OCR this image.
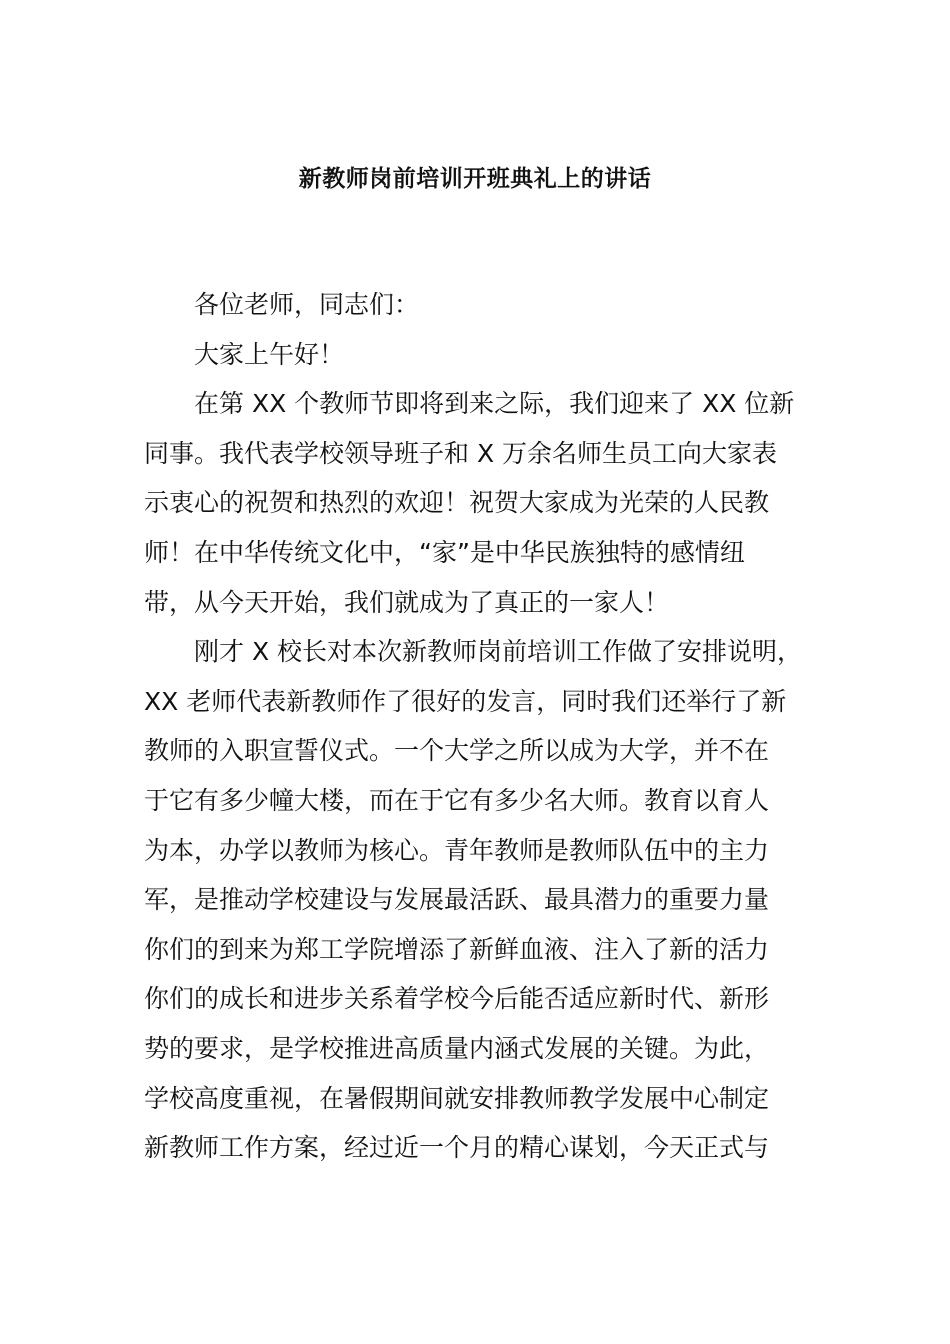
新教师岗前培训开班典礼上的讲话
各位老师，同志们：
大家上午好！
在第 XX 个教师节即将到来之际，我们迎来了 XX 位新
同事。我代表学校领导班子和 X 万余名师生员工向大家表
示衷心的祝贺和热烈的欢迎！祝贺大家成为光荣的人民教
师！在中华传统文化中，“家”是中华民族独特的感情纽
带，从今天开始，我们就成为了真正的一家人！
刚才 X 校长对本次新教师岗前培训工作做了安排说明，
XX 老师代表新教师作了很好的发言，同时我们还举行了新
教师的入职宣誓仪式。一个大学之所以成为大学，并不在
于它有多少幢大楼，而在于它有多少名大师。教育以育人
为本，办学以教师为核心。青年教师是教师队伍中的主力
军，是推动学校建设与发展最活跃、最具潜力的重要力量
你们的到来为郑工学院增添了新鲜血液、注入了新的活力
你们的成长和进步关系着学校今后能否适应新时代、新形
势的要求，是学校推进高质量内涵式发展的关键。为此，
学校高度重视，在暑假期间就安排教师教学发展中心制定
新教师工作方案，经过近一个月的精心谋划，今天正式与
